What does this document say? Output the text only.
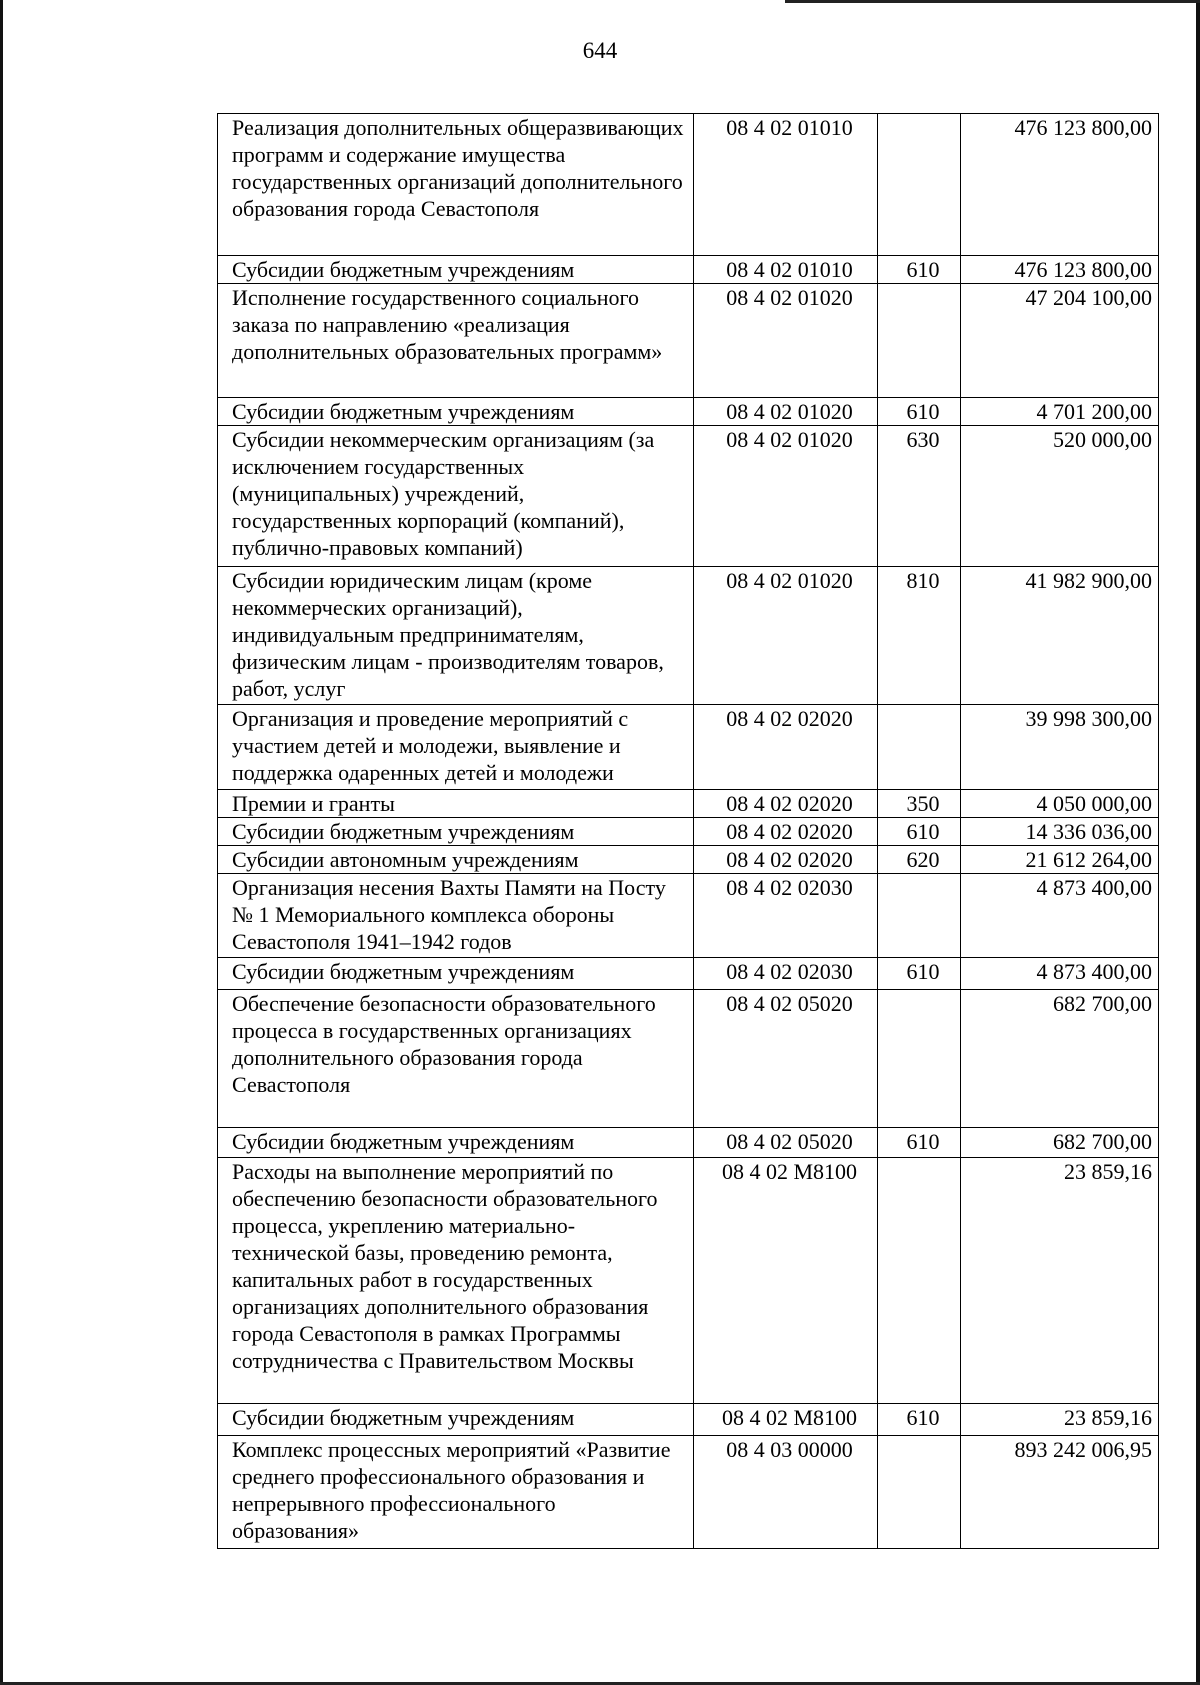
644
Реализация дополнительных общеразвивающих программ и содержание имущества государственных организаций дополнительного образования города Севастополя	08 4 02 01010		476 123 800,00
Субсидии бюджетным учреждениям	08 4 02 01010	610	476 123 800,00
Исполнение государственного социального заказа по направлению «реализация дополнительных образовательных программ»	08 4 02 01020		47 204 100,00
Субсидии бюджетным учреждениям	08 4 02 01020	610	4 701 200,00
Субсидии некоммерческим организациям (за исключением государственных (муниципальных) учреждений, государственных корпораций (компаний), публично-правовых компаний)	08 4 02 01020	630	520 000,00
Субсидии юридическим лицам (кроме некоммерческих организаций), индивидуальным предпринимателям, физическим лицам - производителям товаров, работ, услуг	08 4 02 01020	810	41 982 900,00
Организация и проведение мероприятий с участием детей и молодежи, выявление и поддержка одаренных детей и молодежи	08 4 02 02020		39 998 300,00
Премии и гранты	08 4 02 02020	350	4 050 000,00
Субсидии бюджетным учреждениям	08 4 02 02020	610	14 336 036,00
Субсидии автономным учреждениям	08 4 02 02020	620	21 612 264,00
Организация несения Вахты Памяти на Посту № 1 Мемориального комплекса обороны Севастополя 1941–1942 годов	08 4 02 02030		4 873 400,00
Субсидии бюджетным учреждениям	08 4 02 02030	610	4 873 400,00
Обеспечение безопасности образовательного процесса в государственных организациях дополнительного образования города Севастополя	08 4 02 05020		682 700,00
Субсидии бюджетным учреждениям	08 4 02 05020	610	682 700,00
Расходы на выполнение мероприятий по обеспечению безопасности образовательного процесса, укреплению материально-технической базы, проведению ремонта, капитальных работ в государственных организациях дополнительного образования города Севастополя в рамках Программы сотрудничества с Правительством Москвы	08 4 02 M8100		23 859,16
Субсидии бюджетным учреждениям	08 4 02 M8100	610	23 859,16
Комплекс процессных мероприятий «Развитие среднего профессионального образования и непрерывного профессионального образования»	08 4 03 00000		893 242 006,95
